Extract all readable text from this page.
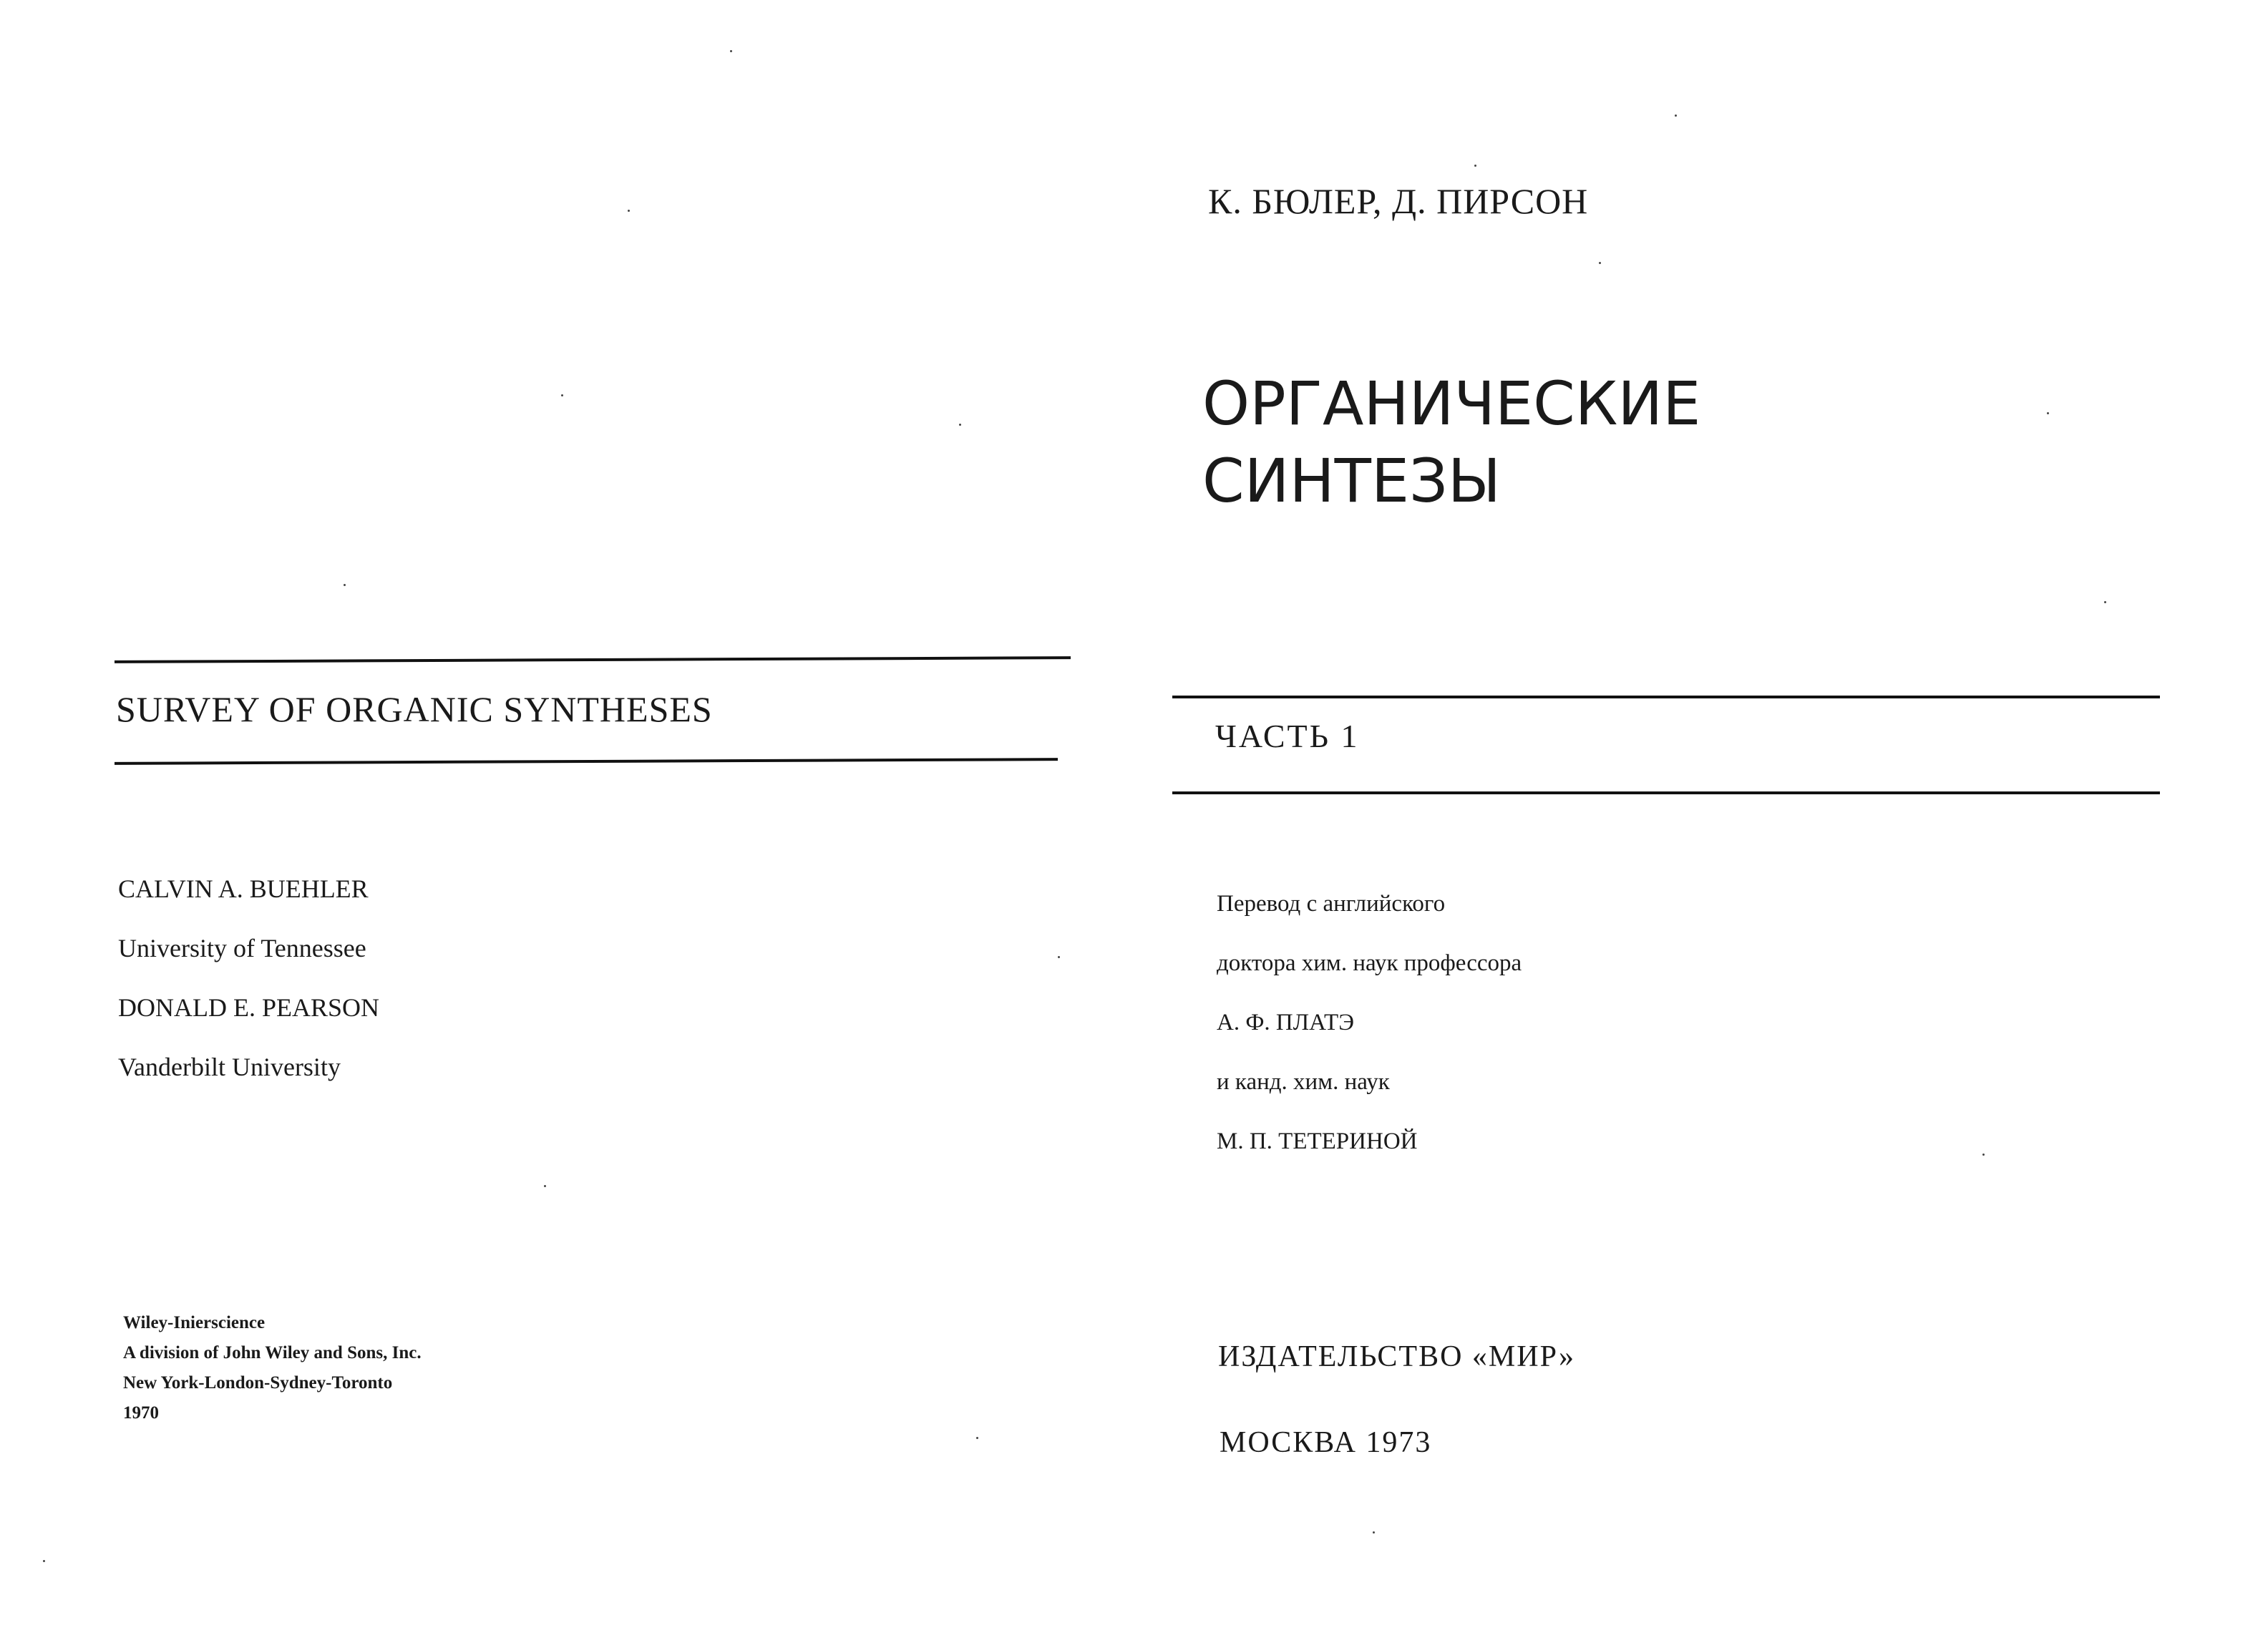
SURVEY OF ORGANIC SYNTHESES
CALVIN A. BUEHLER
University of Tennessee
DONALD E. PEARSON
Vanderbilt University
Wiley-Inierscience
A division of John Wiley and Sons, Inc.
New York-London-Sydney-Toronto
1970
К. БЮЛЕР, Д. ПИРСОН
ОРГАНИЧЕСКИЕ
СИНТЕЗЫ
ЧАСТЬ 1
Перевод с английского
доктора хим. наук профессора
А. Ф. ПЛАТЭ
и канд. хим. наук
М. П. ТЕТЕРИНОЙ
ИЗДАТЕЛЬСТВО «МИР»
МОСКВА 1973
